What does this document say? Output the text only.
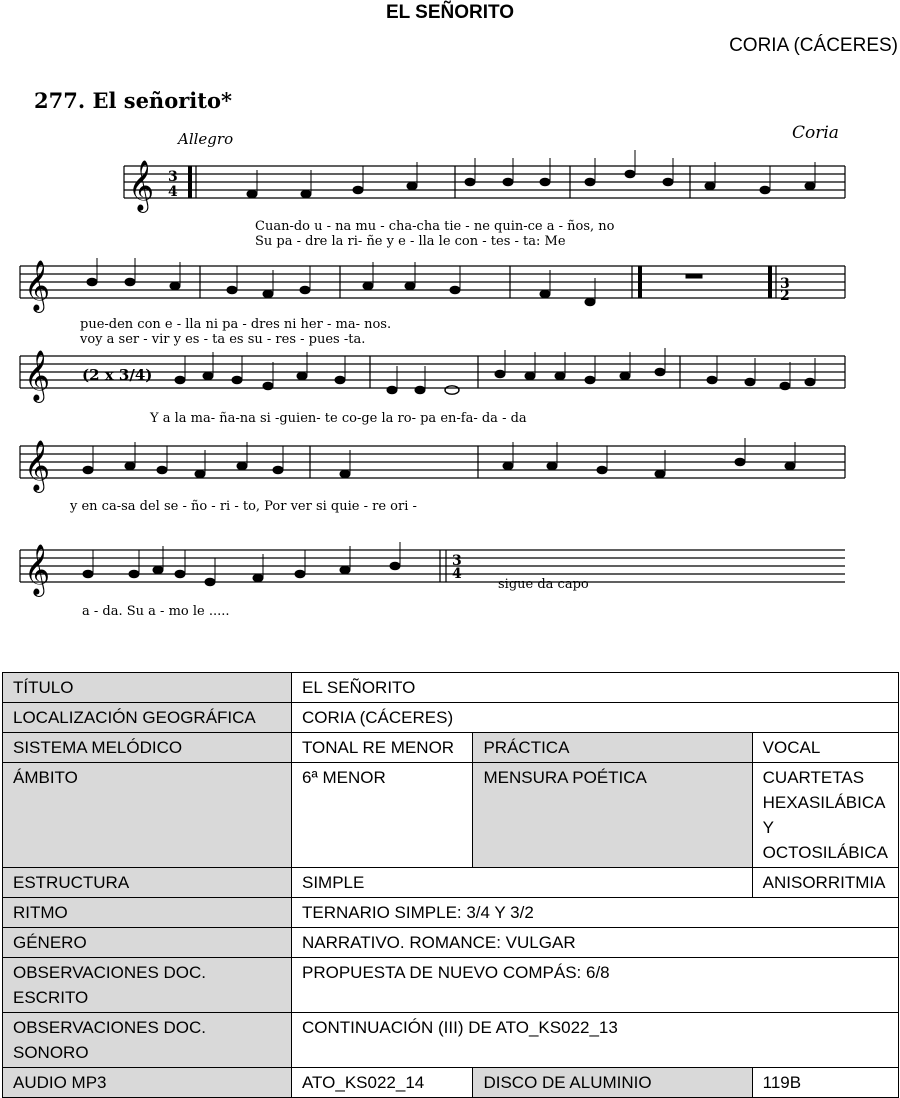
EL SEÑORITO
CORIA (CÁCERES)
277. El señorito*
Allegro	Coria
𝄞 3
4
Cuan-do u - na mu - cha-cha tie - ne quin-ce a - ños, no
Su pa - dre la ri- ñe y e - lla le con - tes - ta: Me
𝄞	3
2
pue-den con e - lla ni pa - dres ni her - ma- nos.
voy a ser - vir y es - ta es su - res - pues -ta.
𝄞 (2 x 3/4)
Y a la ma- ña-na si -guien- te co-ge la ro- pa en-fa- da - da
𝄞
y en ca-sa del se - ño - ri - to, Por ver si quie - re ori -
𝄞	3
4
sigue da capo
a - da. Su a - mo le .....
TÍTULO	EL SEÑORITO		
LOCALIZACIÓN GEOGRÁFICA	CORIA (CÁCERES)		
SISTEMA MELÓDICO	TONAL RE MENOR	PRÁCTICA	VOCAL
ÁMBITO	6ª MENOR	MENSURA POÉTICA	CUARTETAS HEXASILÁBICA Y OCTOSILÁBICA
ESTRUCTURA	SIMPLE		ANISORRITMIA
RITMO	TERNARIO SIMPLE: 3/4 Y 3/2		
GÉNERO	NARRATIVO. ROMANCE: VULGAR		
OBSERVACIONES DOC. ESCRITO	PROPUESTA DE NUEVO COMPÁS: 6/8		
OBSERVACIONES DOC. SONORO	CONTINUACIÓN (III) DE ATO_KS022_13		
AUDIO MP3	ATO_KS022_14	DISCO DE ALUMINIO	119B
